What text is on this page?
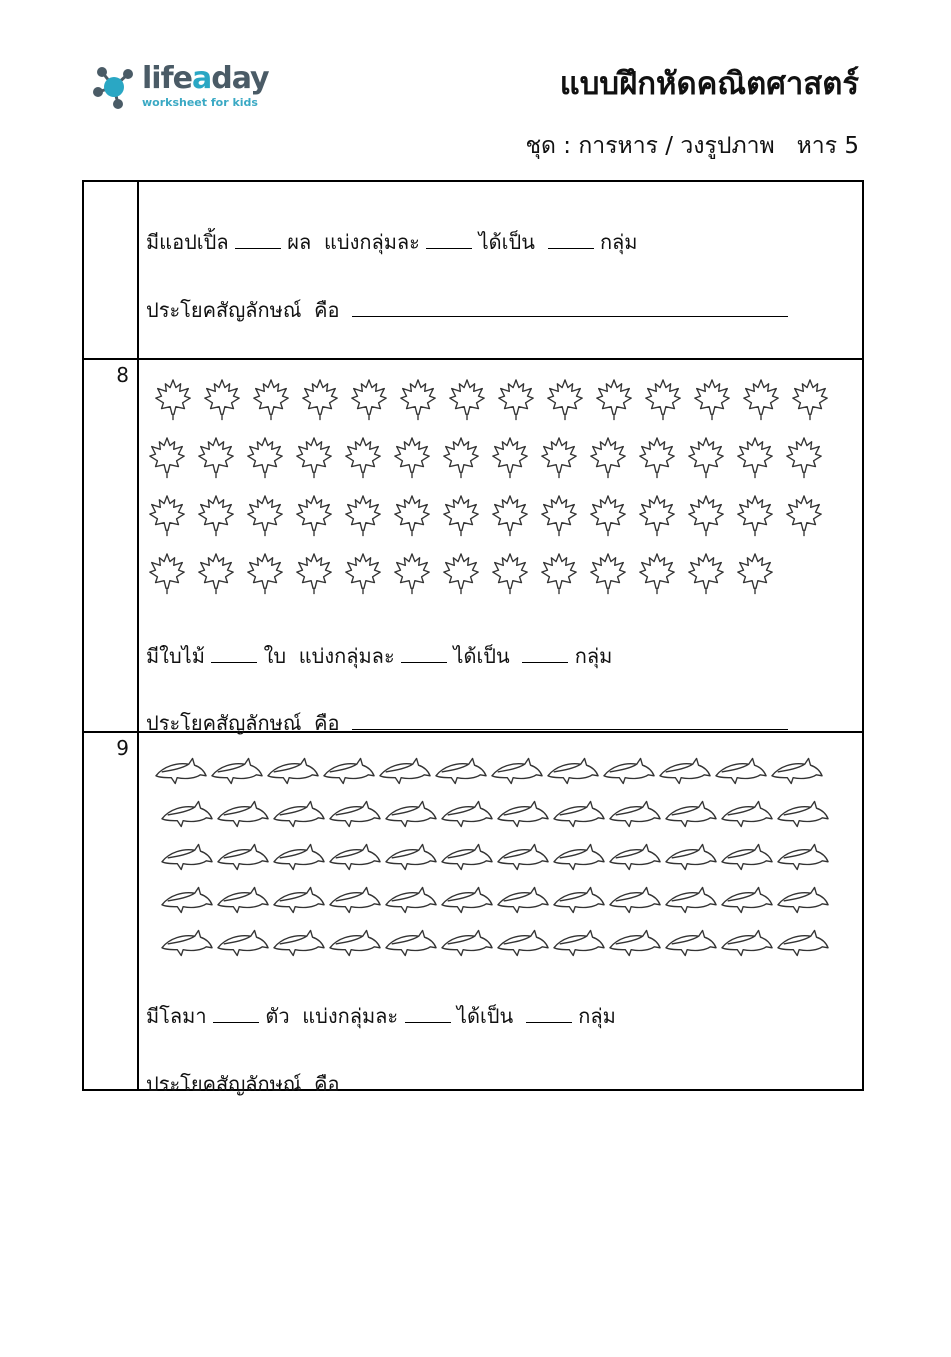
lifeaday
worksheet for kids
แบบฝึกหัดคณิตศาสตร์
ชุด : การหาร / วงรูปภาพ   หาร 5
มีแอปเปิ้ล	ผล  แบ่งกลุ่มละ	ได้เป็น	กลุ่ม
ประโยคสัญลักษณ์  คือ
8
มีใบไม้	ใบ  แบ่งกลุ่มละ	ได้เป็น	กลุ่ม
ประโยคสัญลักษณ์  คือ
9
มีโลมา	ตัว  แบ่งกลุ่มละ	ได้เป็น	กลุ่ม
ประโยคสัญลักษณ์  คือ
